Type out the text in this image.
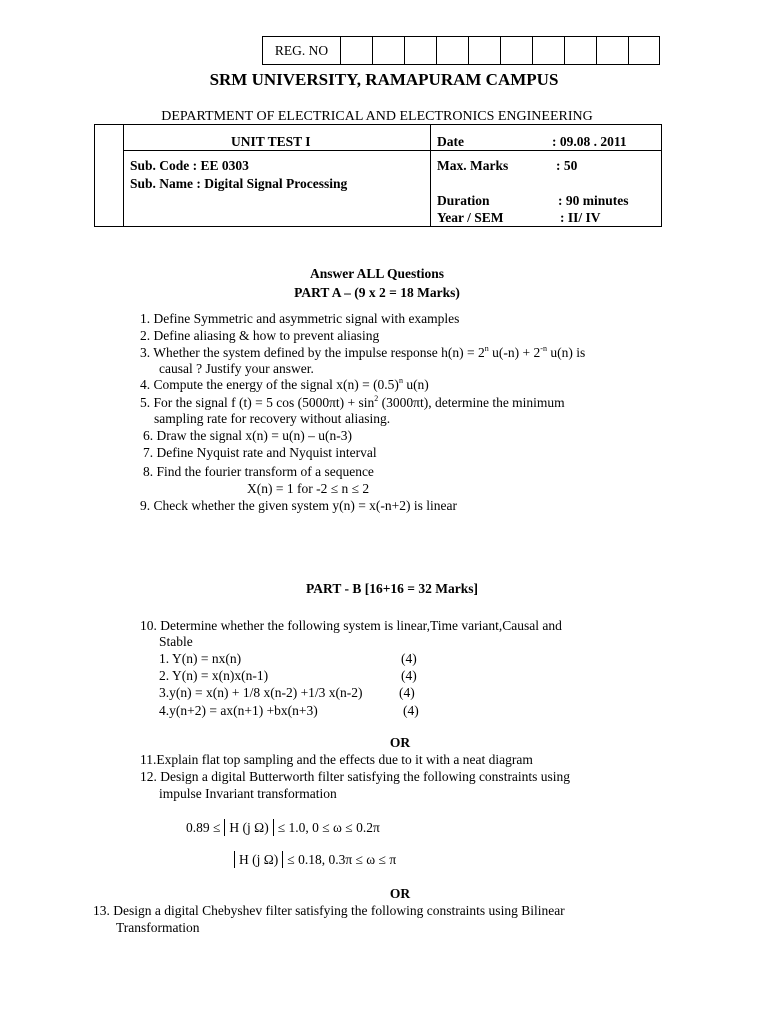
REG. NO
SRM UNIVERSITY, RAMAPURAM CAMPUS
DEPARTMENT OF ELECTRICAL AND ELECTRONICS ENGINEERING
UNIT TEST I
Sub. Code : EE 0303
Sub. Name : Digital Signal Processing
Date	: 09.08 . 2011
Max. Marks	: 50
Duration	: 90 minutes
Year / SEM	: II/ IV
Answer ALL Questions
PART A – (9 x 2 = 18 Marks)
1. Define Symmetric and asymmetric signal with examples
2. Define aliasing & how to prevent aliasing
3. Whether the system defined by the impulse response $h(n) = 2^n$ $u(-n) + 2^{-n}$ u(n) is
causal ? Justify your answer.
4. Compute the energy of the signal $x(n) = (0.5)^n$ u(n)
5. For the signal f (t) = 5 $\cos (5000\pi t) + \sin^2 (3000\pi t)$, determine the minimum
sampling rate for recovery without aliasing.
6. Draw the signal x(n) = u(n) – u(n-3)
7. Define Nyquist rate and Nyquist interval
8. Find the fourier transform of a sequence
X(n) = 1 for -2 ≤ n ≤ 2
9. Check whether the given system y(n) = x(-n+2) is linear
PART - B [16+16 = 32 Marks]
10. Determine whether the following system is linear,Time variant,Causal and
Stable
1. Y(n) = nx(n)	(4)
2. Y(n) = x(n)x(n-1)	(4)
3.y(n) = x(n) + 1/8 x(n-2) +1/3 x(n-2)	(4)
4.y(n+2) = ax(n+1) +bx(n+3)	(4)
OR
11.Explain flat top sampling and the effects due to it with a neat diagram
12. Design a digital Butterworth filter satisfying the following constraints using
impulse Invariant transformation
0.89 ≤ H (j Ω) ≤ 1.0, 0 ≤ ω ≤ 0.2π
H (j Ω) ≤ 0.18, 0.3π ≤ ω ≤ π
OR
13. Design a digital Chebyshev filter satisfying the following constraints using Bilinear
Transformation
